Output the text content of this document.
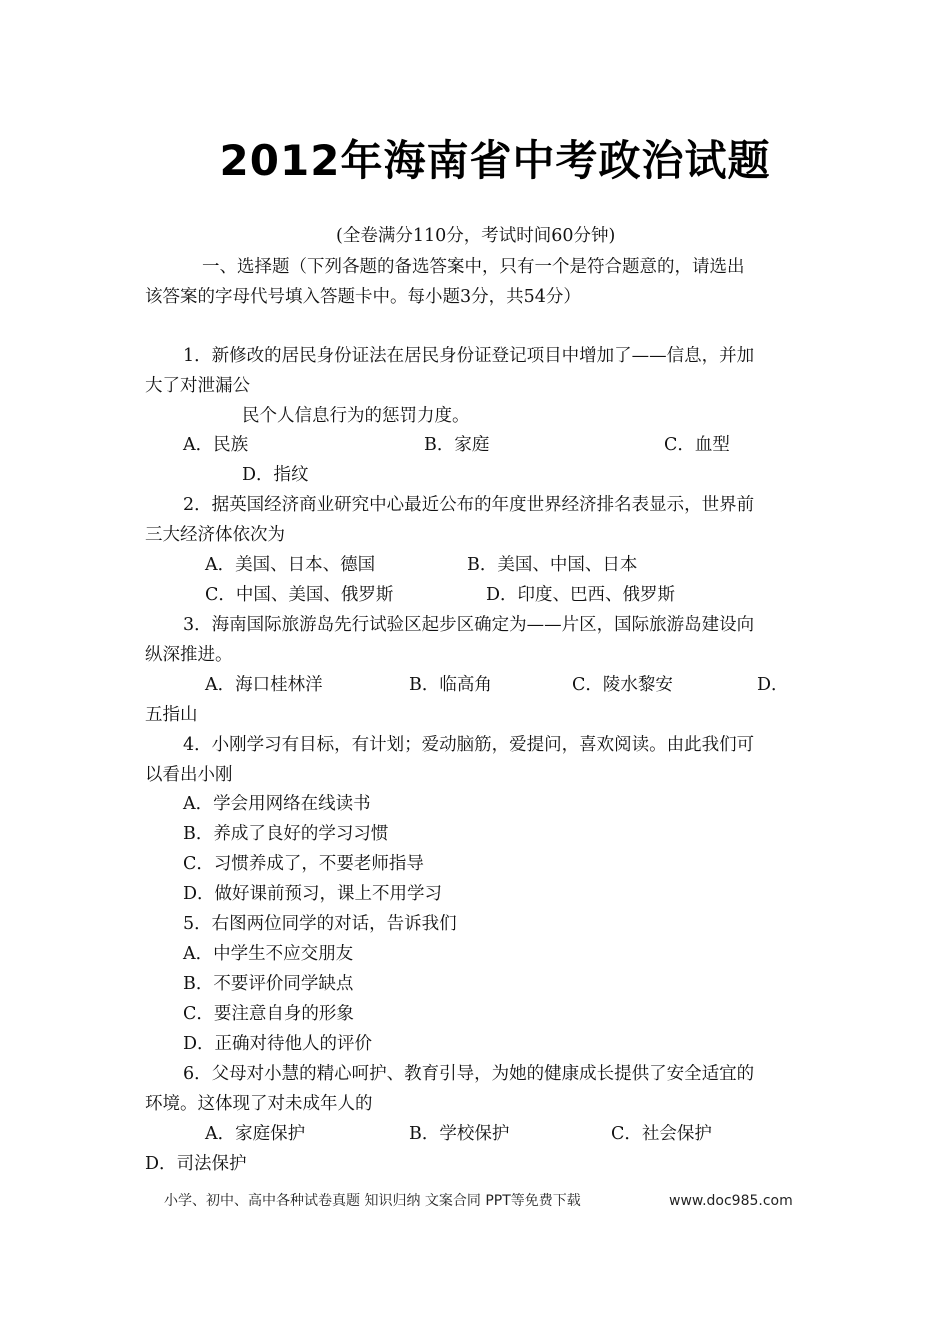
2012年海南省中考政治试题
(全卷满分110分，考试时间60分钟)
一、选择题（下列各题的备选答案中，只有一个是符合题意的，请选出
该答案的字母代号填入答题卡中。每小题3分，共54分）
1．新修改的居民身份证法在居民身份证登记项目中增加了——信息，并加
大了对泄漏公
民个人信息行为的惩罚力度。
A．民族	B．家庭	C．血型
D．指纹
2．据英国经济商业研究中心最近公布的年度世界经济排名表显示，世界前
三大经济体依次为
A．美国、日本、德国	B．美国、中国、日本
C．中国、美国、俄罗斯	D．印度、巴西、俄罗斯
3．海南国际旅游岛先行试验区起步区确定为——片区，国际旅游岛建设向
纵深推进。
A．海口桂林洋	B．临高角	C．陵水黎安	D．
五指山
4．小刚学习有目标，有计划；爱动脑筋，爱提问，喜欢阅读。由此我们可
以看出小刚
A．学会用网络在线读书
B．养成了良好的学习习惯
C．习惯养成了，不要老师指导
D．做好课前预习，课上不用学习
5．右图两位同学的对话，告诉我们
A．中学生不应交朋友
B．不要评价同学缺点
C．要注意自身的形象
D．正确对待他人的评价
6．父母对小慧的精心呵护、教育引导，为她的健康成长提供了安全适宜的
环境。这体现了对未成年人的
A．家庭保护	B．学校保护	C．社会保护
D．司法保护
小学、初中、高中各种试卷真题 知识归纳 文案合同 PPT等免费下载	www.doc985.com
